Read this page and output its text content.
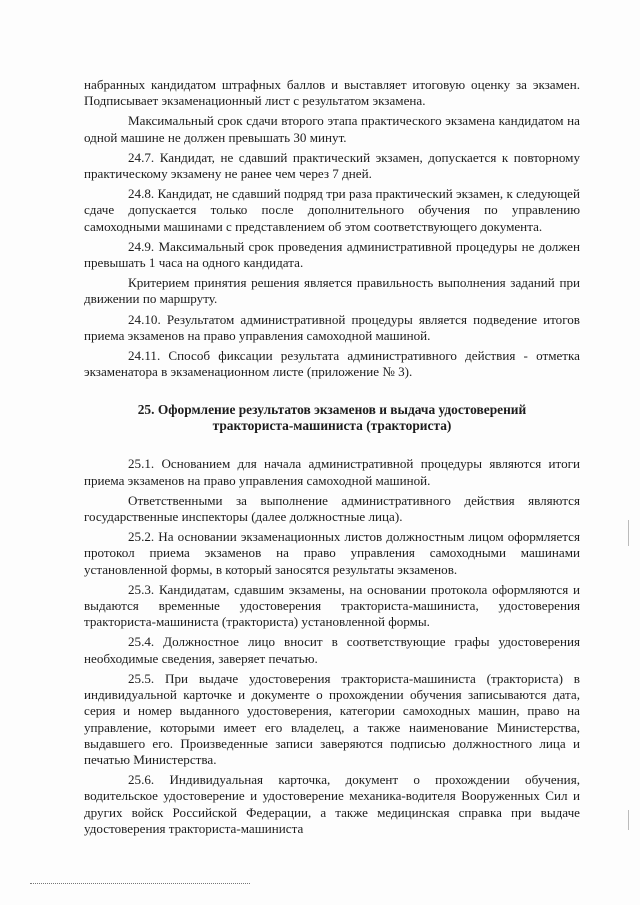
набранных кандидатом штрафных баллов и выставляет итоговую оценку за экзамен. Подписывает экзаменационный лист с результатом экзамена.

Максимальный срок сдачи второго этапа практического экзамена кандидатом на одной машине не должен превышать 30 минут.

24.7. Кандидат, не сдавший практический экзамен, допускается к повторному практическому экзамену не ранее чем через 7 дней.

24.8. Кандидат, не сдавший подряд три раза практический экзамен, к следующей сдаче допускается только после дополнительного обучения по управлению самоходными машинами с представлением об этом соответствующего документа.

24.9. Максимальный срок проведения административной процедуры не должен превышать 1 часа на одного кандидата.

Критерием принятия решения является правильность выполнения заданий при движении по маршруту.

24.10. Результатом административной процедуры является подведение итогов приема экзаменов на право управления самоходной машиной.

24.11. Способ фиксации результата административного действия - отметка экзаменатора в экзаменационном листе (приложение № 3).

25. Оформление результатов экзаменов и выдача удостоверений
тракториста-машиниста (тракториста)

25.1. Основанием для начала административной процедуры являются итоги приема экзаменов на право управления самоходной машиной.

Ответственными за выполнение административного действия являются государственные инспекторы (далее должностные лица).

25.2. На основании экзаменационных листов должностным лицом оформляется протокол приема экзаменов на право управления самоходными машинами установленной формы, в который заносятся результаты экзаменов.

25.3. Кандидатам, сдавшим экзамены, на основании протокола оформляются и выдаются временные удостоверения тракториста-машиниста, удостоверения тракториста-машиниста (тракториста) установленной формы.

25.4. Должностное лицо вносит в соответствующие графы удостоверения необходимые сведения, заверяет печатью.

25.5. При выдаче удостоверения тракториста-машиниста (тракториста) в индивидуальной карточке и документе о прохождении обучения записываются дата, серия и номер выданного удостоверения, категории самоходных машин, право на управление, которыми имеет его владелец, а также наименование Министерства, выдавшего его. Произведенные записи заверяются подписью должностного лица и печатью Министерства.

25.6. Индивидуальная карточка, документ о прохождении обучения, водительское удостоверение и удостоверение механика-водителя Вооруженных Сил и других войск Российской Федерации, а также медицинская справка при выдаче удостоверения тракториста-машиниста
